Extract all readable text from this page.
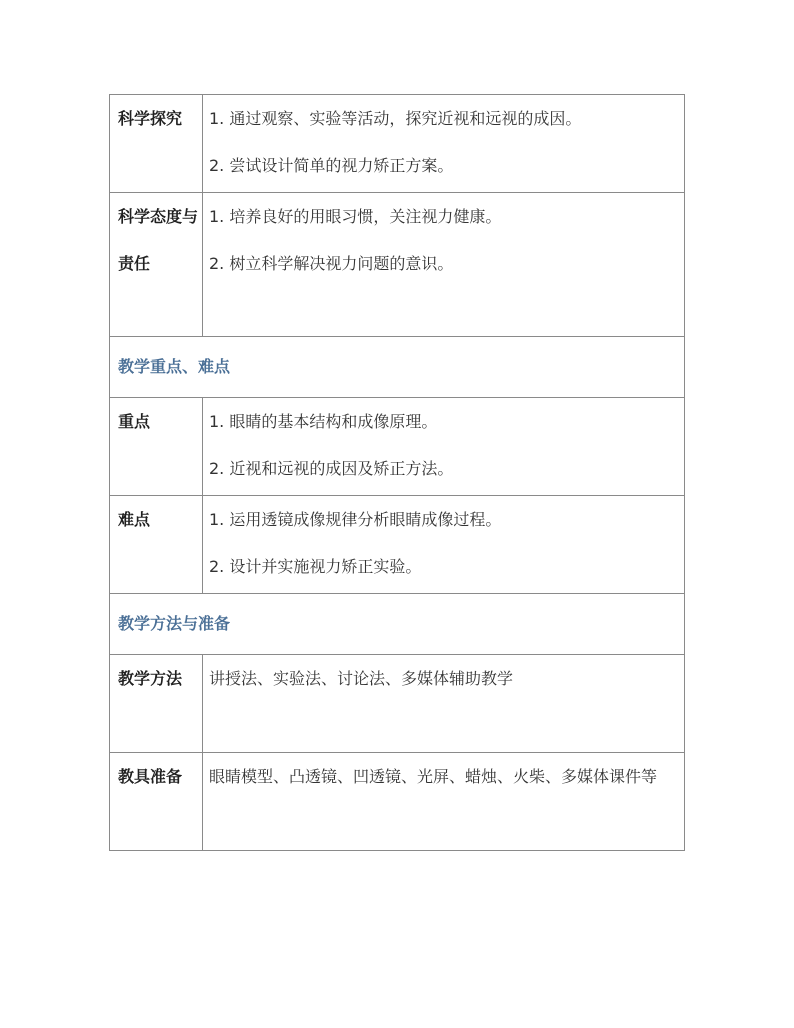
科学探究	1. 通过观察、实验等活动，探究近视和远视的成因。
2. 尝试设计简单的视力矫正方案。

科学态度与责任	1. 培养良好的用眼习惯，关注视力健康。
2. 树立科学解决视力问题的意识。

教学重点、难点	
重点	1. 眼睛的基本结构和成像原理。
2. 近视和远视的成因及矫正方法。

难点	1. 运用透镜成像规律分析眼睛成像过程。
2. 设计并实施视力矫正实验。

教学方法与准备	
教学方法	讲授法、实验法、讨论法、多媒体辅助教学
教具准备	眼睛模型、凸透镜、凹透镜、光屏、蜡烛、火柴、多媒体课件等
